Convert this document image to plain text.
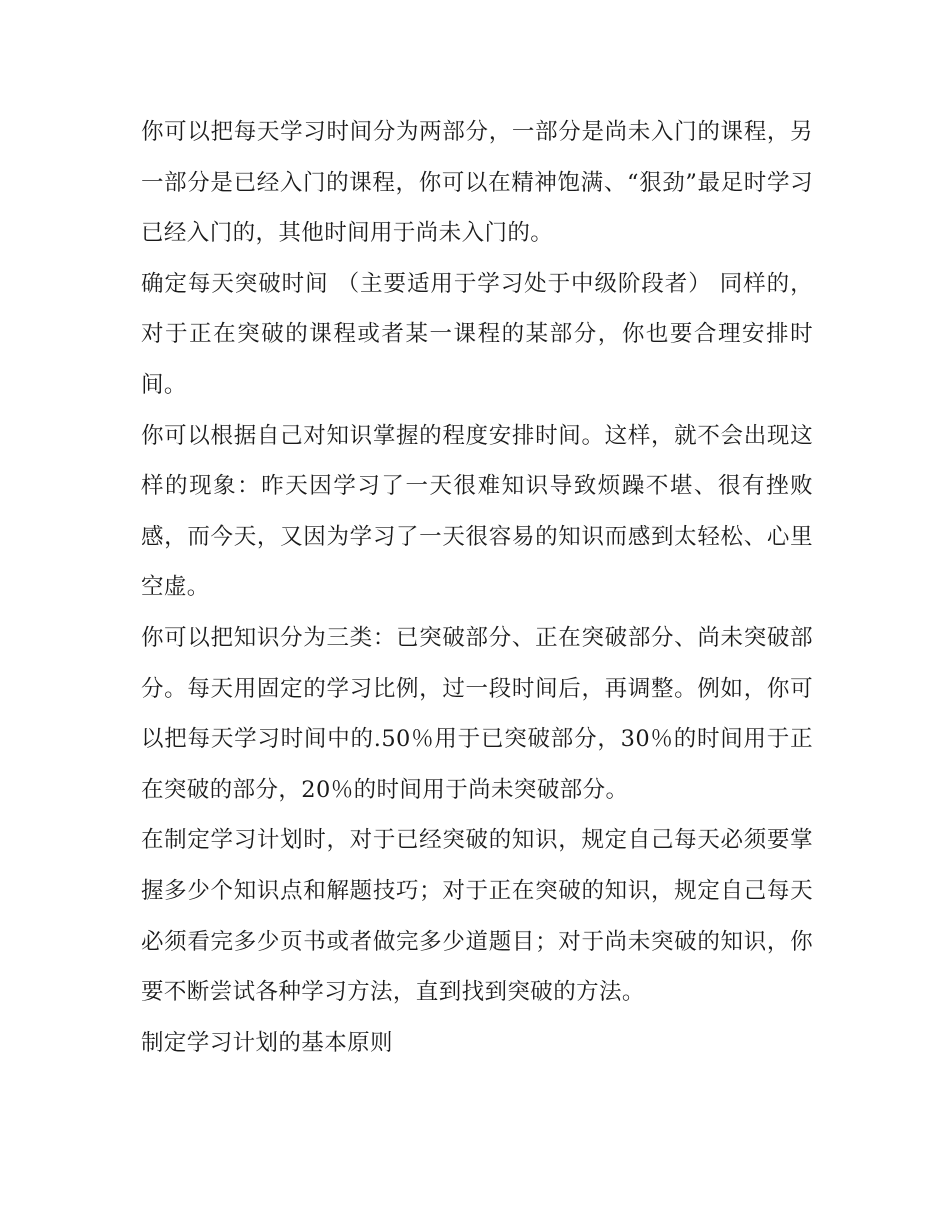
你可以把每天学习时间分为两部分，一部分是尚未入门的课程，另一部分是已经入门的课程，你可以在精神饱满、“狠劲”最足时学习已经入门的，其他时间用于尚未入门的。

确定每天突破时间 （主要适用于学习处于中级阶段者） 同样的，对于正在突破的课程或者某一课程的某部分，你也要合理安排时间。

你可以根据自己对知识掌握的程度安排时间。这样，就不会出现这样的现象：昨天因学习了一天很难知识导致烦躁不堪、很有挫败感，而今天，又因为学习了一天很容易的知识而感到太轻松、心里空虚。

你可以把知识分为三类：已突破部分、正在突破部分、尚未突破部分。每天用固定的学习比例，过一段时间后，再调整。例如，你可以把每天学习时间中的.50％用于已突破部分，30％的时间用于正在突破的部分，20％的时间用于尚未突破部分。

在制定学习计划时，对于已经突破的知识，规定自己每天必须要掌握多少个知识点和解题技巧；对于正在突破的知识，规定自己每天必须看完多少页书或者做完多少道题目；对于尚未突破的知识，你要不断尝试各种学习方法，直到找到突破的方法。

制定学习计划的基本原则
